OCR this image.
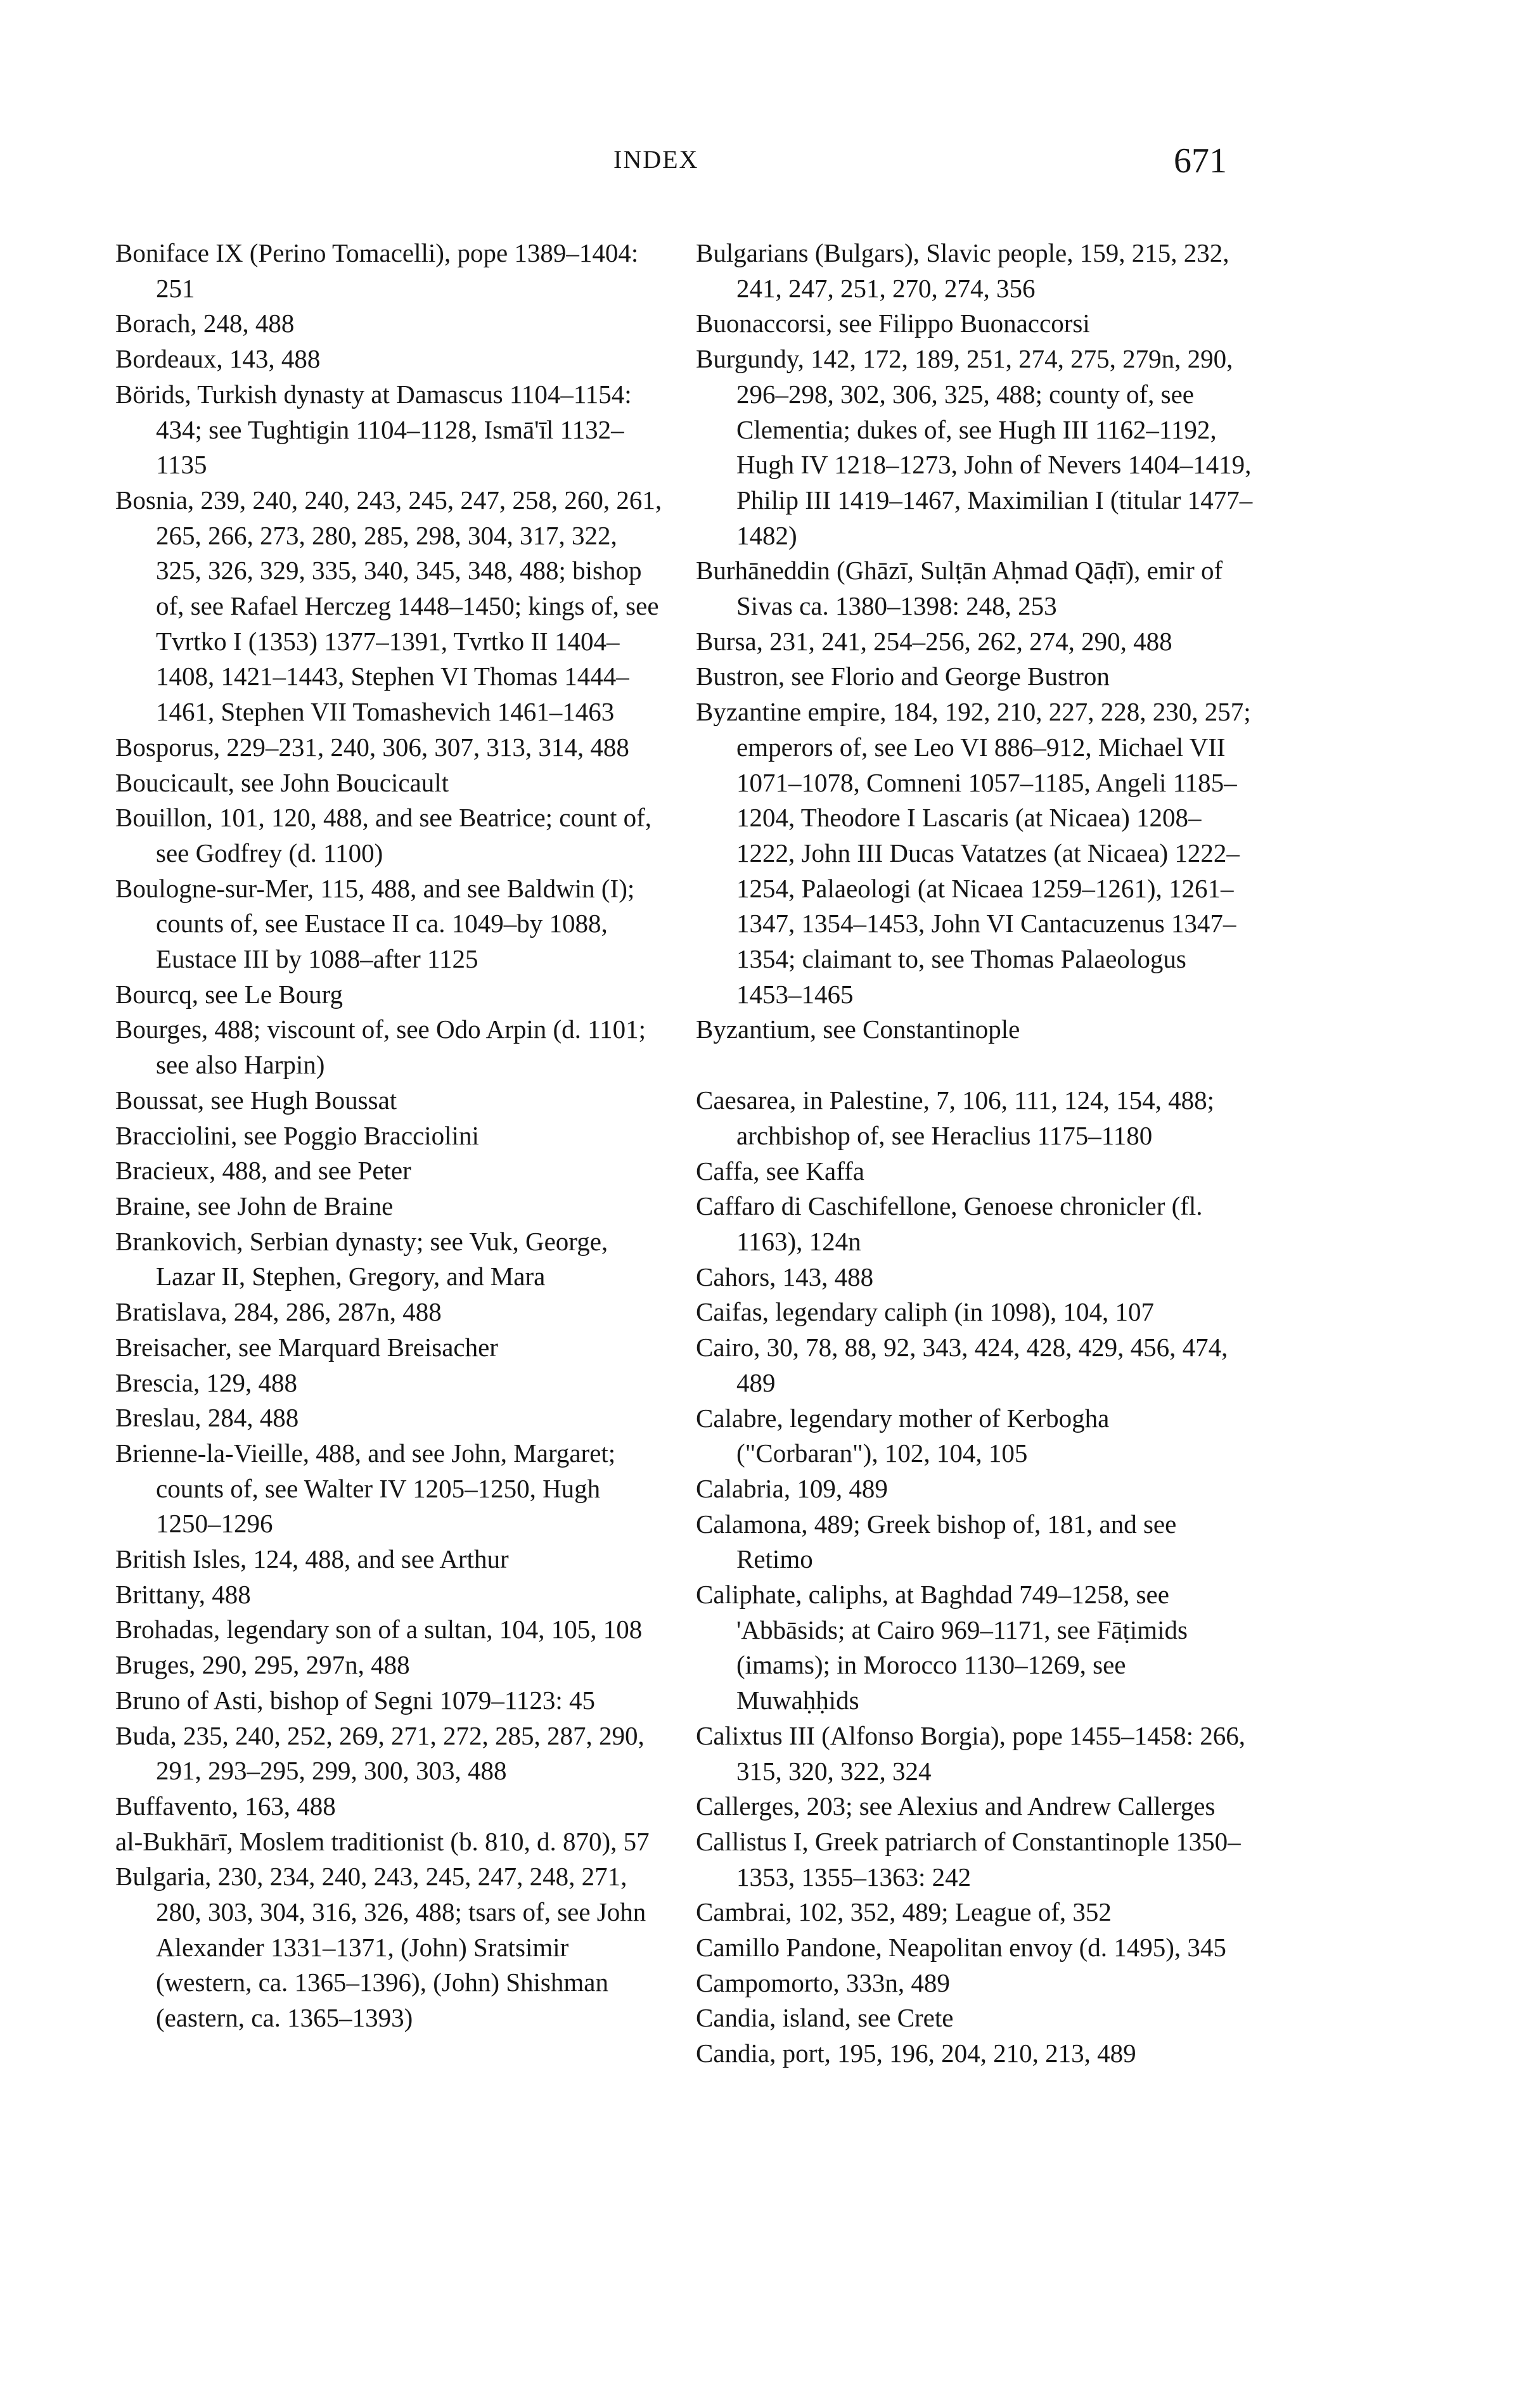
INDEX	671

Boniface IX (Perino Tomacelli), pope 1389–1404: 251

Borach, 248, 488

Bordeaux, 143, 488

Börids, Turkish dynasty at Damascus 1104–1154: 434; see Tughtigin 1104–1128, Ismā'īl 1132–1135

Bosnia, 239, 240, 240, 243, 245, 247, 258, 260, 261, 265, 266, 273, 280, 285, 298, 304, 317, 322, 325, 326, 329, 335, 340, 345, 348, 488; bishop of, see Rafael Herczeg 1448–1450; kings of, see Tvrtko I (1353) 1377–1391, Tvrtko II 1404–1408, 1421–1443, Stephen VI Thomas 1444–1461, Stephen VII Tomashevich 1461–1463

Bosporus, 229–231, 240, 306, 307, 313, 314, 488

Boucicault, see John Boucicault

Bouillon, 101, 120, 488, and see Beatrice; count of, see Godfrey (d. 1100)

Boulogne-sur-Mer, 115, 488, and see Baldwin (I); counts of, see Eustace II ca. 1049–by 1088, Eustace III by 1088–after 1125

Bourcq, see Le Bourg

Bourges, 488; viscount of, see Odo Arpin (d. 1101; see also Harpin)

Boussat, see Hugh Boussat

Bracciolini, see Poggio Bracciolini

Bracieux, 488, and see Peter

Braine, see John de Braine

Brankovich, Serbian dynasty; see Vuk, George, Lazar II, Stephen, Gregory, and Mara

Bratislava, 284, 286, 287n, 488

Breisacher, see Marquard Breisacher

Brescia, 129, 488

Breslau, 284, 488

Brienne-la-Vieille, 488, and see John, Margaret; counts of, see Walter IV 1205–1250, Hugh 1250–1296

British Isles, 124, 488, and see Arthur

Brittany, 488

Brohadas, legendary son of a sultan, 104, 105, 108

Bruges, 290, 295, 297n, 488

Bruno of Asti, bishop of Segni 1079–1123: 45

Buda, 235, 240, 252, 269, 271, 272, 285, 287, 290, 291, 293–295, 299, 300, 303, 488

Buffavento, 163, 488

al-Bukhārī, Moslem traditionist (b. 810, d. 870), 57

Bulgaria, 230, 234, 240, 243, 245, 247, 248, 271, 280, 303, 304, 316, 326, 488; tsars of, see John Alexander 1331–1371, (John) Sratsimir (western, ca. 1365–1396), (John) Shishman (eastern, ca. 1365–1393)

Bulgarians (Bulgars), Slavic people, 159, 215, 232, 241, 247, 251, 270, 274, 356

Buonaccorsi, see Filippo Buonaccorsi

Burgundy, 142, 172, 189, 251, 274, 275, 279n, 290, 296–298, 302, 306, 325, 488; county of, see Clementia; dukes of, see Hugh III 1162–1192, Hugh IV 1218–1273, John of Nevers 1404–1419, Philip III 1419–1467, Maximilian I (titular 1477–1482)

Burhāneddin (Ghāzī, Sulṭān Aḥmad Qāḍī), emir of Sivas ca. 1380–1398: 248, 253

Bursa, 231, 241, 254–256, 262, 274, 290, 488

Bustron, see Florio and George Bustron

Byzantine empire, 184, 192, 210, 227, 228, 230, 257; emperors of, see Leo VI 886–912, Michael VII 1071–1078, Comneni 1057–1185, Angeli 1185–1204, Theodore I Lascaris (at Nicaea) 1208–1222, John III Ducas Vatatzes (at Nicaea) 1222–1254, Palaeologi (at Nicaea 1259–1261), 1261–1347, 1354–1453, John VI Cantacuzenus 1347–1354; claimant to, see Thomas Palaeologus 1453–1465

Byzantium, see Constantinople

Caesarea, in Palestine, 7, 106, 111, 124, 154, 488; archbishop of, see Heraclius 1175–1180

Caffa, see Kaffa

Caffaro di Caschifellone, Genoese chronicler (fl. 1163), 124n

Cahors, 143, 488

Caifas, legendary caliph (in 1098), 104, 107

Cairo, 30, 78, 88, 92, 343, 424, 428, 429, 456, 474, 489

Calabre, legendary mother of Kerbogha ("Corbaran"), 102, 104, 105

Calabria, 109, 489

Calamona, 489; Greek bishop of, 181, and see Retimo

Caliphate, caliphs, at Baghdad 749–1258, see 'Abbāsids; at Cairo 969–1171, see Fāṭimids (imams); in Morocco 1130–1269, see Muwaḥḥids

Calixtus III (Alfonso Borgia), pope 1455–1458: 266, 315, 320, 322, 324

Callerges, 203; see Alexius and Andrew Callerges

Callistus I, Greek patriarch of Constantinople 1350–1353, 1355–1363: 242

Cambrai, 102, 352, 489; League of, 352

Camillo Pandone, Neapolitan envoy (d. 1495), 345

Campomorto, 333n, 489

Candia, island, see Crete

Candia, port, 195, 196, 204, 210, 213, 489
